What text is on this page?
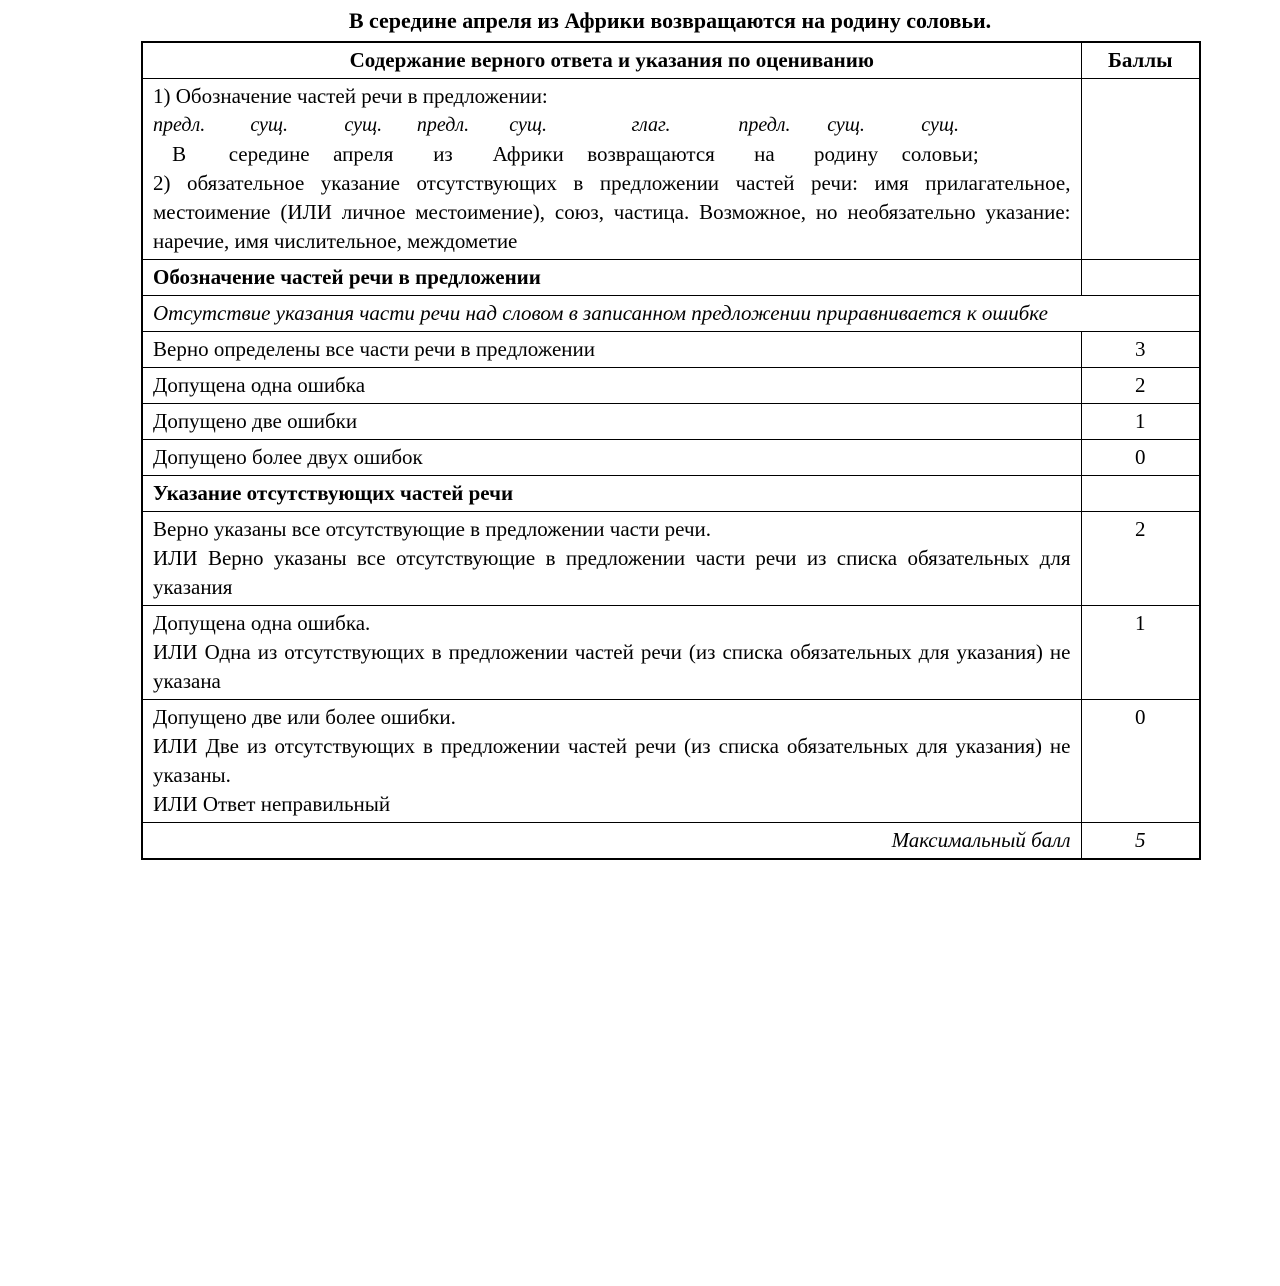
В середине апреля из Африки возвращаются на родину соловьи.
Содержание верного ответа и указания по оцениванию	Баллы

1) Обозначение частей речи в предложении:
предл.
В
сущ.
середине
сущ.
апреля
предл.
из
сущ.
Африки
глаг.
возвращаются
предл.
на
сущ.
родину
сущ.
соловьи;
2) обязательное указание отсутствующих в предложении частей речи: имя прилагательное, местоимение (ИЛИ личное местоимение), союз, частица. Возможное, но необязательно указание: наречие, имя числительное, междометие

Обозначение частей речи в предложении	
Отсутствие указания части речи над словом в записанном предложении приравнивается к ошибке	
Верно определены все части речи в предложении	3
Допущена одна ошибка	2
Допущено две ошибки	1
Допущено более двух ошибок	0
Указание отсутствующих частей речи	

Верно указаны все отсутствующие в предложении части речи.
ИЛИ Верно указаны все отсутствующие в предложении части речи из списка обязательных для указания	2

Допущена одна ошибка.
ИЛИ Одна из отсутствующих в предложении частей речи (из списка обязательных для указания) не указана	1

Допущено две или более ошибки.
ИЛИ Две из отсутствующих в предложении частей речи (из списка обязательных для указания) не указаны.
ИЛИ Ответ неправильный	0
Максимальный балл	5
